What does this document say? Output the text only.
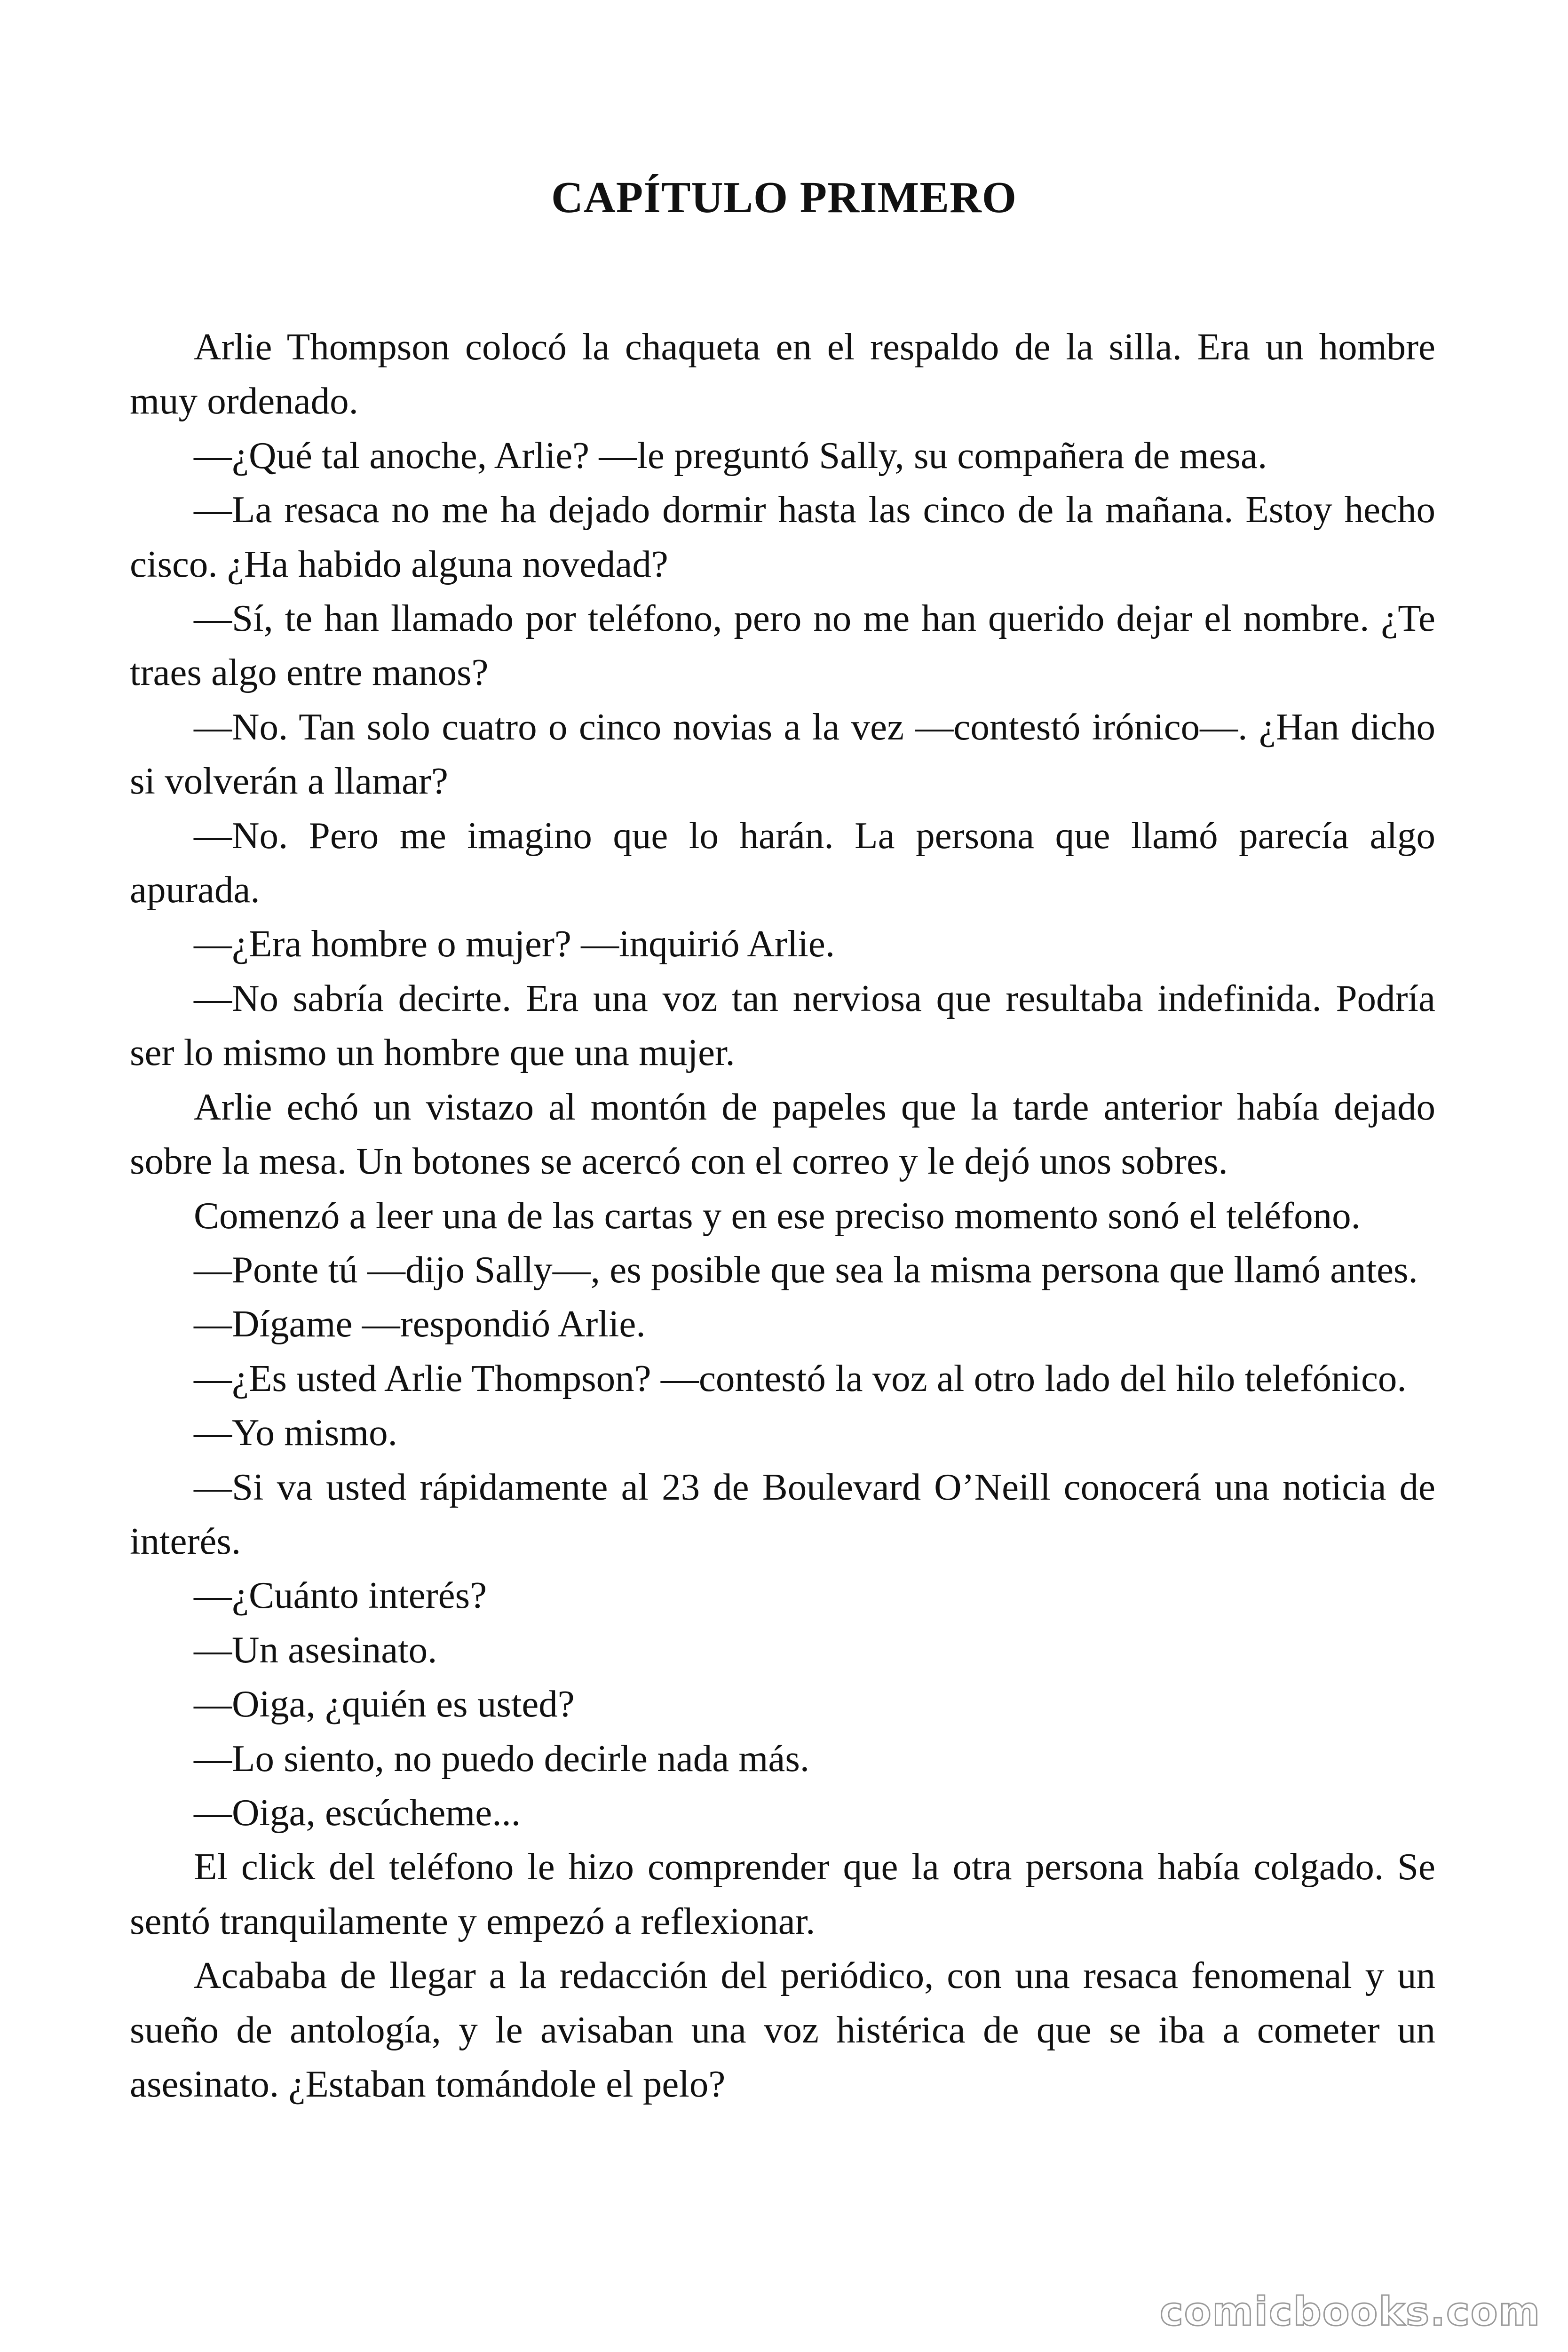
CAPÍTULO PRIMERO

Arlie Thompson colocó la chaqueta en el respaldo de la silla. Era un hombre muy ordenado.

—¿Qué tal anoche, Arlie? —le preguntó Sally, su compañera de mesa.

—La resaca no me ha dejado dormir hasta las cinco de la mañana. Estoy hecho cisco. ¿Ha habido alguna novedad?

—Sí, te han llamado por teléfono, pero no me han querido dejar el nombre. ¿Te traes algo entre manos?

—No. Tan solo cuatro o cinco novias a la vez —contestó irónico—. ¿Han dicho si volverán a llamar?

—No. Pero me imagino que lo harán. La persona que llamó parecía algo apurada.

—¿Era hombre o mujer? —inquirió Arlie.

—No sabría decirte. Era una voz tan nerviosa que resultaba indefinida. Podría ser lo mismo un hombre que una mujer.

Arlie echó un vistazo al montón de papeles que la tarde anterior había dejado sobre la mesa. Un botones se acercó con el correo y le dejó unos sobres.

Comenzó a leer una de las cartas y en ese preciso momento sonó el teléfono.

—Ponte tú —dijo Sally—, es posible que sea la misma persona que llamó antes.

—Dígame —respondió Arlie.

—¿Es usted Arlie Thompson? —contestó la voz al otro lado del hilo telefónico.

—Yo mismo.

—Si va usted rápidamente al 23 de Boulevard O’Neill conocerá una noticia de interés.

—¿Cuánto interés?

—Un asesinato.

—Oiga, ¿quién es usted?

—Lo siento, no puedo decirle nada más.

—Oiga, escúcheme...

El click del teléfono le hizo comprender que la otra persona había colgado. Se sentó tranquilamente y empezó a reflexionar.

Acababa de llegar a la redacción del periódico, con una resaca fenomenal y un sueño de antología, y le avisaban una voz histérica de que se iba a cometer un asesinato. ¿Estaban tomándole el pelo?

comicbooks.com
